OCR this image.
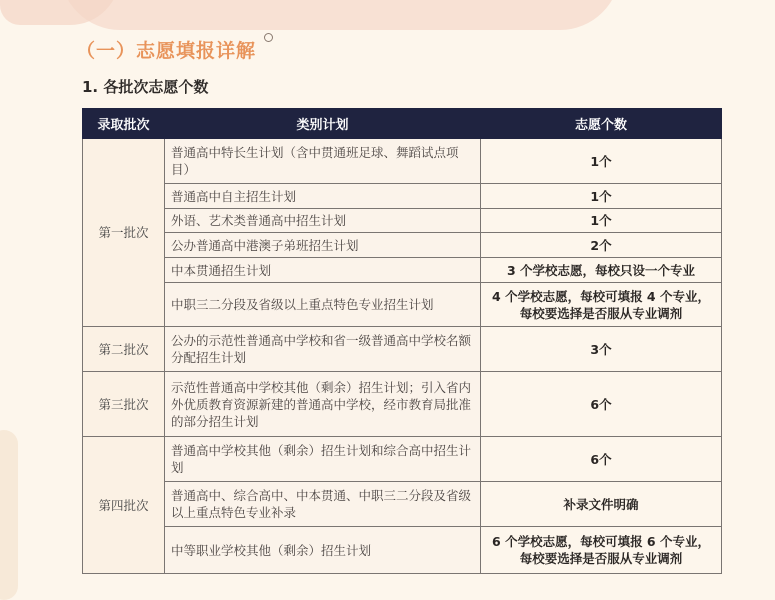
（一）志愿填报详解
1. 各批次志愿个数
录取批次	类别计划	志愿个数
第一批次	普通高中特长生计划（含中贯通班足球、舞蹈试点项目）	1个
	普通高中自主招生计划	1个
	外语、艺术类普通高中招生计划	1个
	公办普通高中港澳子弟班招生计划	2个
	中本贯通招生计划	3 个学校志愿，每校只设一个专业
	中职三二分段及省级以上重点特色专业招生计划	4 个学校志愿，每校可填报 4 个专业，每校要选择是否服从专业调剂
第二批次	公办的示范性普通高中学校和省一级普通高中学校名额分配招生计划	3个
第三批次	示范性普通高中学校其他（剩余）招生计划；引入省内外优质教育资源新建的普通高中学校，经市教育局批准的部分招生计划	6个
第四批次	普通高中学校其他（剩余）招生计划和综合高中招生计划	6个
	普通高中、综合高中、中本贯通、中职三二分段及省级以上重点特色专业补录	补录文件明确
	中等职业学校其他（剩余）招生计划	6 个学校志愿，每校可填报 6 个专业，每校要选择是否服从专业调剂
